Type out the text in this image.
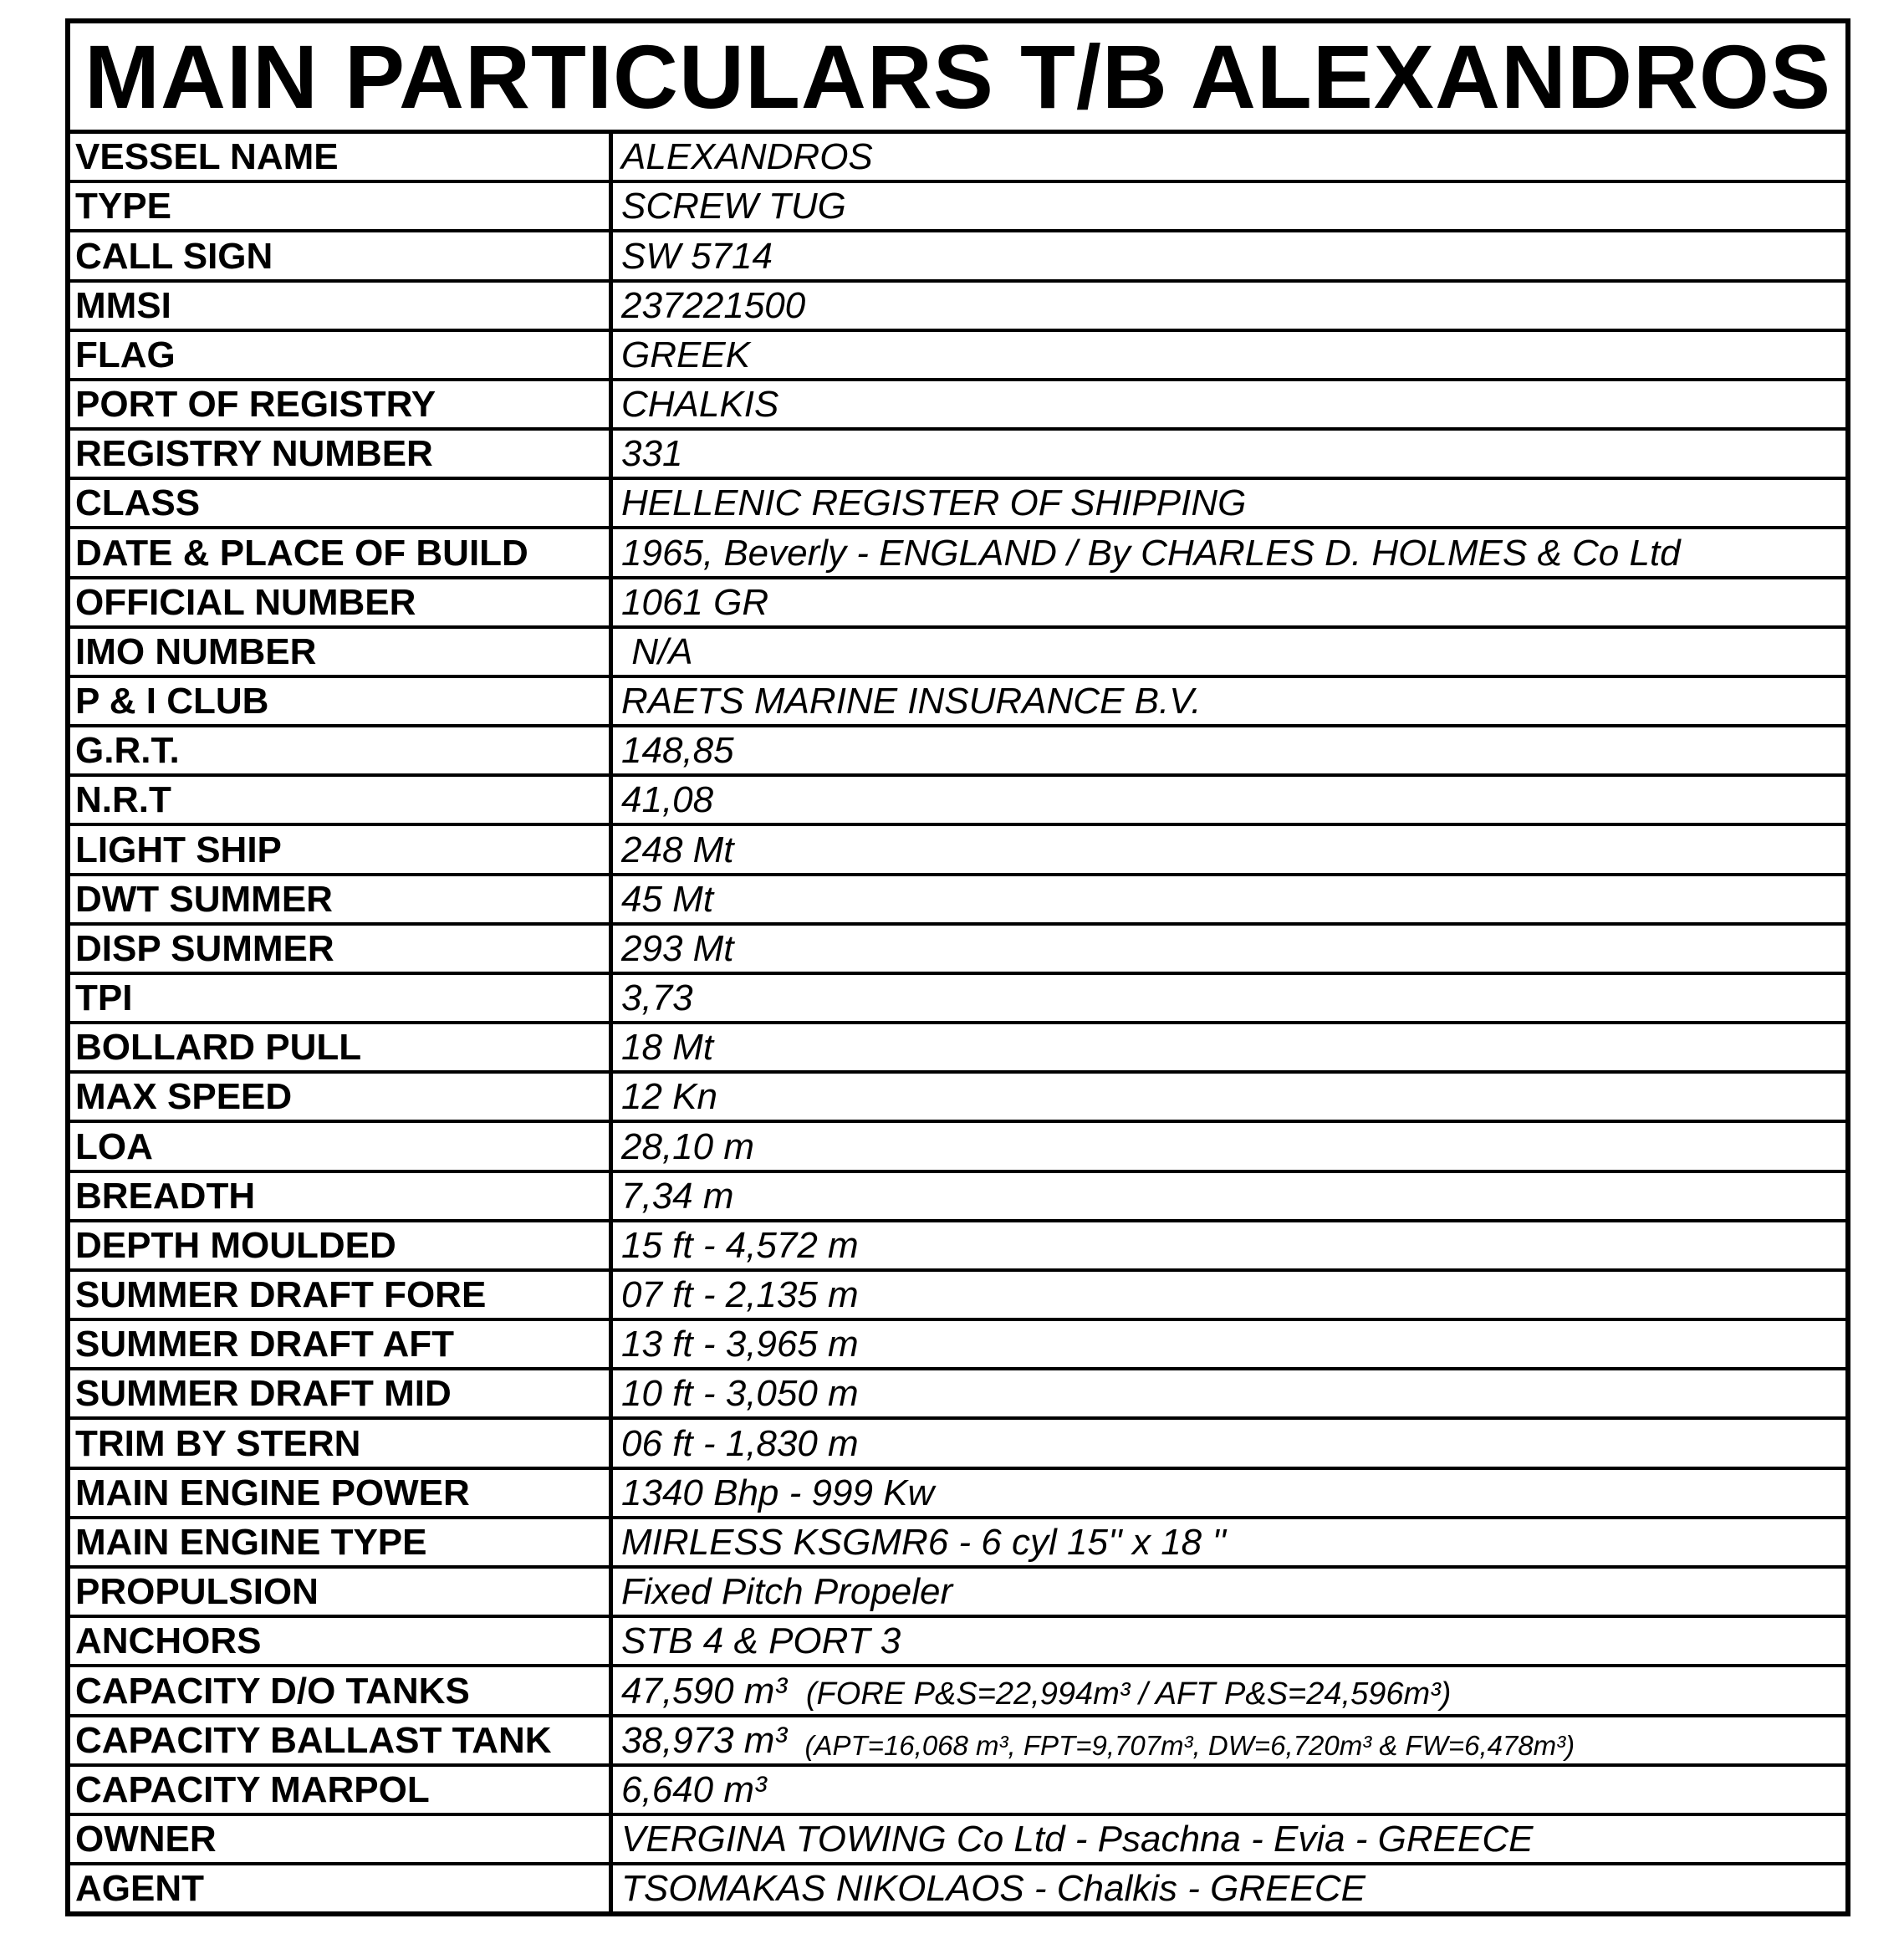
MAIN PARTICULARS T/B ALEXANDROS
VESSEL NAME	ALEXANDROS
TYPE	SCREW TUG
CALL SIGN	SW 5714
MMSI	237221500
FLAG	GREEK
PORT OF REGISTRY	CHALKIS
REGISTRY NUMBER	331
CLASS	HELLENIC REGISTER OF SHIPPING
DATE & PLACE OF BUILD	1965, Beverly - ENGLAND / By CHARLES D. HOLMES & Co Ltd
OFFICIAL NUMBER	1061 GR
IMO NUMBER	N/A
P & I CLUB	RAETS MARINE INSURANCE B.V.
G.R.T.	148,85
N.R.T	41,08
LIGHT SHIP	248 Mt
DWT SUMMER	45 Mt
DISP SUMMER	293 Mt
TPI	3,73
BOLLARD PULL	18 Mt
MAX SPEED	12 Kn
LOA	28,10 m
BREADTH	7,34 m
DEPTH MOULDED	15 ft - 4,572 m
SUMMER DRAFT FORE	07 ft - 2,135 m
SUMMER DRAFT AFT	13 ft - 3,965 m
SUMMER DRAFT MID	10 ft - 3,050 m
TRIM BY STERN	06 ft - 1,830 m
MAIN ENGINE POWER	1340 Bhp - 999 Kw
MAIN ENGINE TYPE	MIRLESS KSGMR6 - 6 cyl 15'' x 18 ''
PROPULSION	Fixed Pitch Propeler
ANCHORS	STB 4 & PORT 3
CAPACITY D/O TANKS	47,590 m³ (FORE P&S=22,994m³ / AFT P&S=24,596m³)
CAPACITY BALLAST TANK	38,973 m³ (APT=16,068 m³, FPT=9,707m³, DW=6,720m³ & FW=6,478m³)
CAPACITY MARPOL	6,640 m³
OWNER	VERGINA TOWING Co Ltd - Psachna - Evia - GREECE
AGENT	TSOMAKAS NIKOLAOS - Chalkis - GREECE
